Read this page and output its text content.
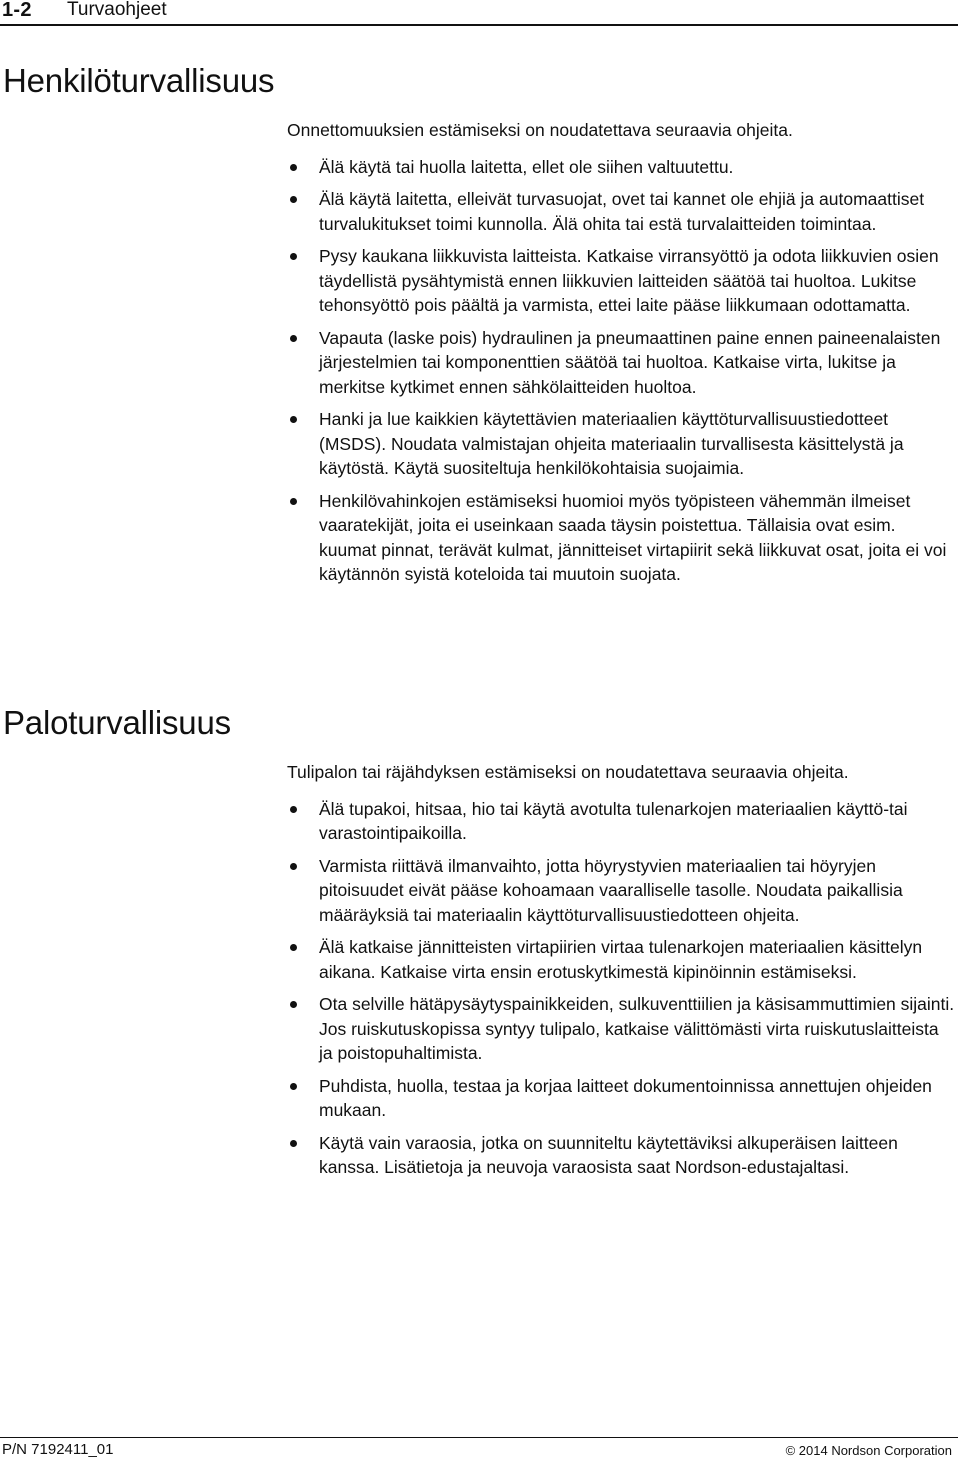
1-2 Turvaohjeet
Henkilöturvallisuus

Onnettomuuksien estämiseksi on noudatettava seuraavia ohjeita.

Älä käytä tai huolla laitetta, ellet ole siihen valtuutettu.
Älä käytä laitetta, elleivät turvasuojat, ovet tai kannet ole ehjiä ja automaattiset turvalukitukset toimi kunnolla. Älä ohita tai estä turvalaitteiden toimintaa.
Pysy kaukana liikkuvista laitteista. Katkaise virransyöttö ja odota liikkuvien osien täydellistä pysähtymistä ennen liikkuvien laitteiden säätöä tai huoltoa. Lukitse tehonsyöttö pois päältä ja varmista, ettei laite pääse liikkumaan odottamatta.
Vapauta (laske pois) hydraulinen ja pneumaattinen paine ennen paineenalaisten järjestelmien tai komponenttien säätöä tai huoltoa. Katkaise virta, lukitse ja merkitse kytkimet ennen sähkölaitteiden huoltoa.
Hanki ja lue kaikkien käytettävien materiaalien käyttöturvallisuustiedotteet (MSDS). Noudata valmistajan ohjeita materiaalin turvallisesta käsittelystä ja käytöstä. Käytä suositeltuja henkilökohtaisia suojaimia.
Henkilövahinkojen estämiseksi huomioi myös työpisteen vähemmän ilmeiset vaaratekijät, joita ei useinkaan saada täysin poistettua. Tällaisia ovat esim. kuumat pinnat, terävät kulmat, jännitteiset virtapiirit sekä liikkuvat osat, joita ei voi käytännön syistä koteloida tai muutoin suojata.
Paloturvallisuus

Tulipalon tai räjähdyksen estämiseksi on noudatettava seuraavia ohjeita.

Älä tupakoi, hitsaa, hio tai käytä avotulta tulenarkojen materiaalien käyttö-tai varastointipaikoilla.
Varmista riittävä ilmanvaihto, jotta höyrystyvien materiaalien tai höyryjen pitoisuudet eivät pääse kohoamaan vaaralliselle tasolle. Noudata paikallisia määräyksiä tai materiaalin käyttöturvallisuustiedotteen ohjeita.
Älä katkaise jännitteisten virtapiirien virtaa tulenarkojen materiaalien käsittelyn aikana. Katkaise virta ensin erotuskytkimestä kipinöinnin estämiseksi.
Ota selville hätäpysäytyspainikkeiden, sulkuventtiilien ja käsisammuttimien sijainti. Jos ruiskutuskopissa syntyy tulipalo, katkaise välittömästi virta ruiskutuslaitteista ja poistopuhaltimista.
Puhdista, huolla, testaa ja korjaa laitteet dokumentoinnissa annettujen ohjeiden mukaan.
Käytä vain varaosia, jotka on suunniteltu käytettäviksi alkuperäisen laitteen kanssa. Lisätietoja ja neuvoja varaosista saat Nordson-edustajaltasi.
P/N 7192411_01	© 2014 Nordson Corporation
